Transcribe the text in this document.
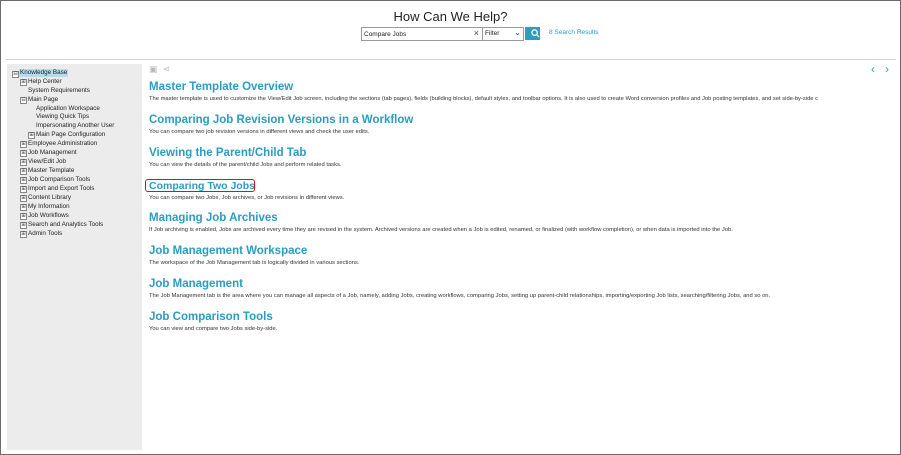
How Can We Help?
Compare Jobs
× Filter ⌄	8 Search Results
⊟ Knowledge Base
⊞ Help Center
System Requirements
⊟ Main Page
Application Workspace
Viewing Quick Tips
Impersonating Another User
⊞ Main Page Configuration
⊞ Employee Administration
⊞ Job Management
⊞ View/Edit Job
⊞ Master Template
⊞ Job Comparison Tools
⊞ Import and Export Tools
⊞ Content Library
⊞ My Information
⊞ Job Workflows
⊞ Search and Analytics Tools
⊞ Admin Tools
▣ ⋖	‹ ›
Master Template Overview
The master template is used to customize the View/Edit Job screen, including the sections (tab pages), fields (building blocks), default styles, and toolbar options. It is also used to create Word conversion profiles and Job posting templates, and set side-by-side c
Comparing Job Revision Versions in a Workflow
You can compare two job revision versions in different views and check the user edits.
Viewing the Parent/Child Tab
You can view the details of the parent/child Jobs and perform related tasks.
Comparing Two Jobs
You can compare two Jobs, Job archives, or Job revisions in different views.
Managing Job Archives
If Job archiving is enabled, Jobs are archived every time they are revised in the system. Archived versions are created when a Job is edited, renamed, or finalized (with workflow completion), or when data is imported into the Job.
Job Management Workspace
The workspace of the Job Management tab is logically divided in various sections.
Job Management
The Job Management tab is the area where you can manage all aspects of a Job, namely, adding Jobs, creating workflows, comparing Jobs, setting up parent-child relationships, importing/exporting Job lists, searching/filtering Jobs, and so on.
Job Comparison Tools
You can view and compare two Jobs side-by-side.
